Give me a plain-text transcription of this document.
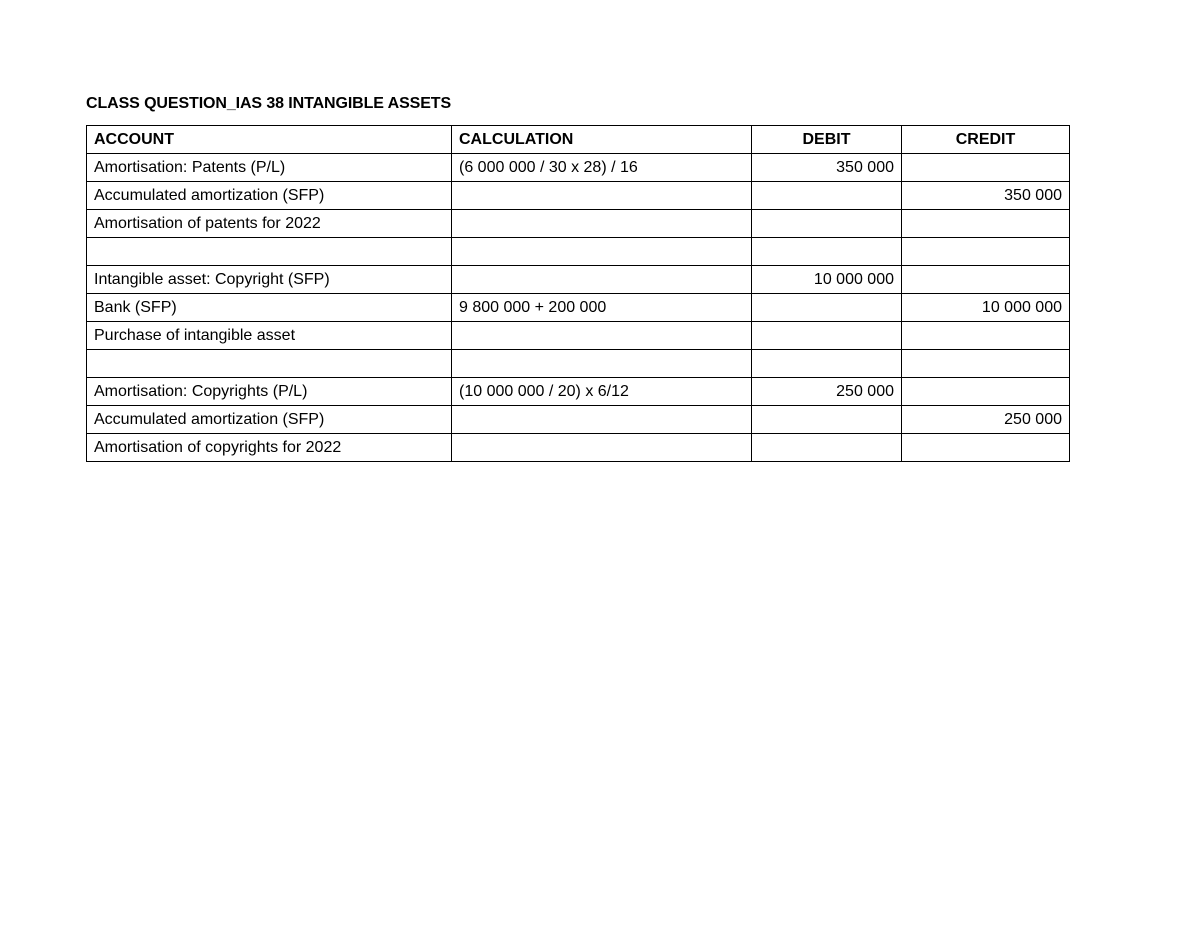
CLASS QUESTION_IAS 38 INTANGIBLE ASSETS
ACCOUNT	CALCULATION	DEBIT	CREDIT
Amortisation: Patents (P/L)	(6 000 000 / 30 x 28) / 16	350 000	
Accumulated amortization (SFP)			350 000
Amortisation of patents for 2022			

Intangible asset: Copyright (SFP)		10 000 000	
Bank (SFP)	9 800 000 + 200 000		10 000 000
Purchase of intangible asset			

Amortisation: Copyrights (P/L)	(10 000 000 / 20) x 6/12	250 000	
Accumulated amortization (SFP)			250 000
Amortisation of copyrights for 2022			
